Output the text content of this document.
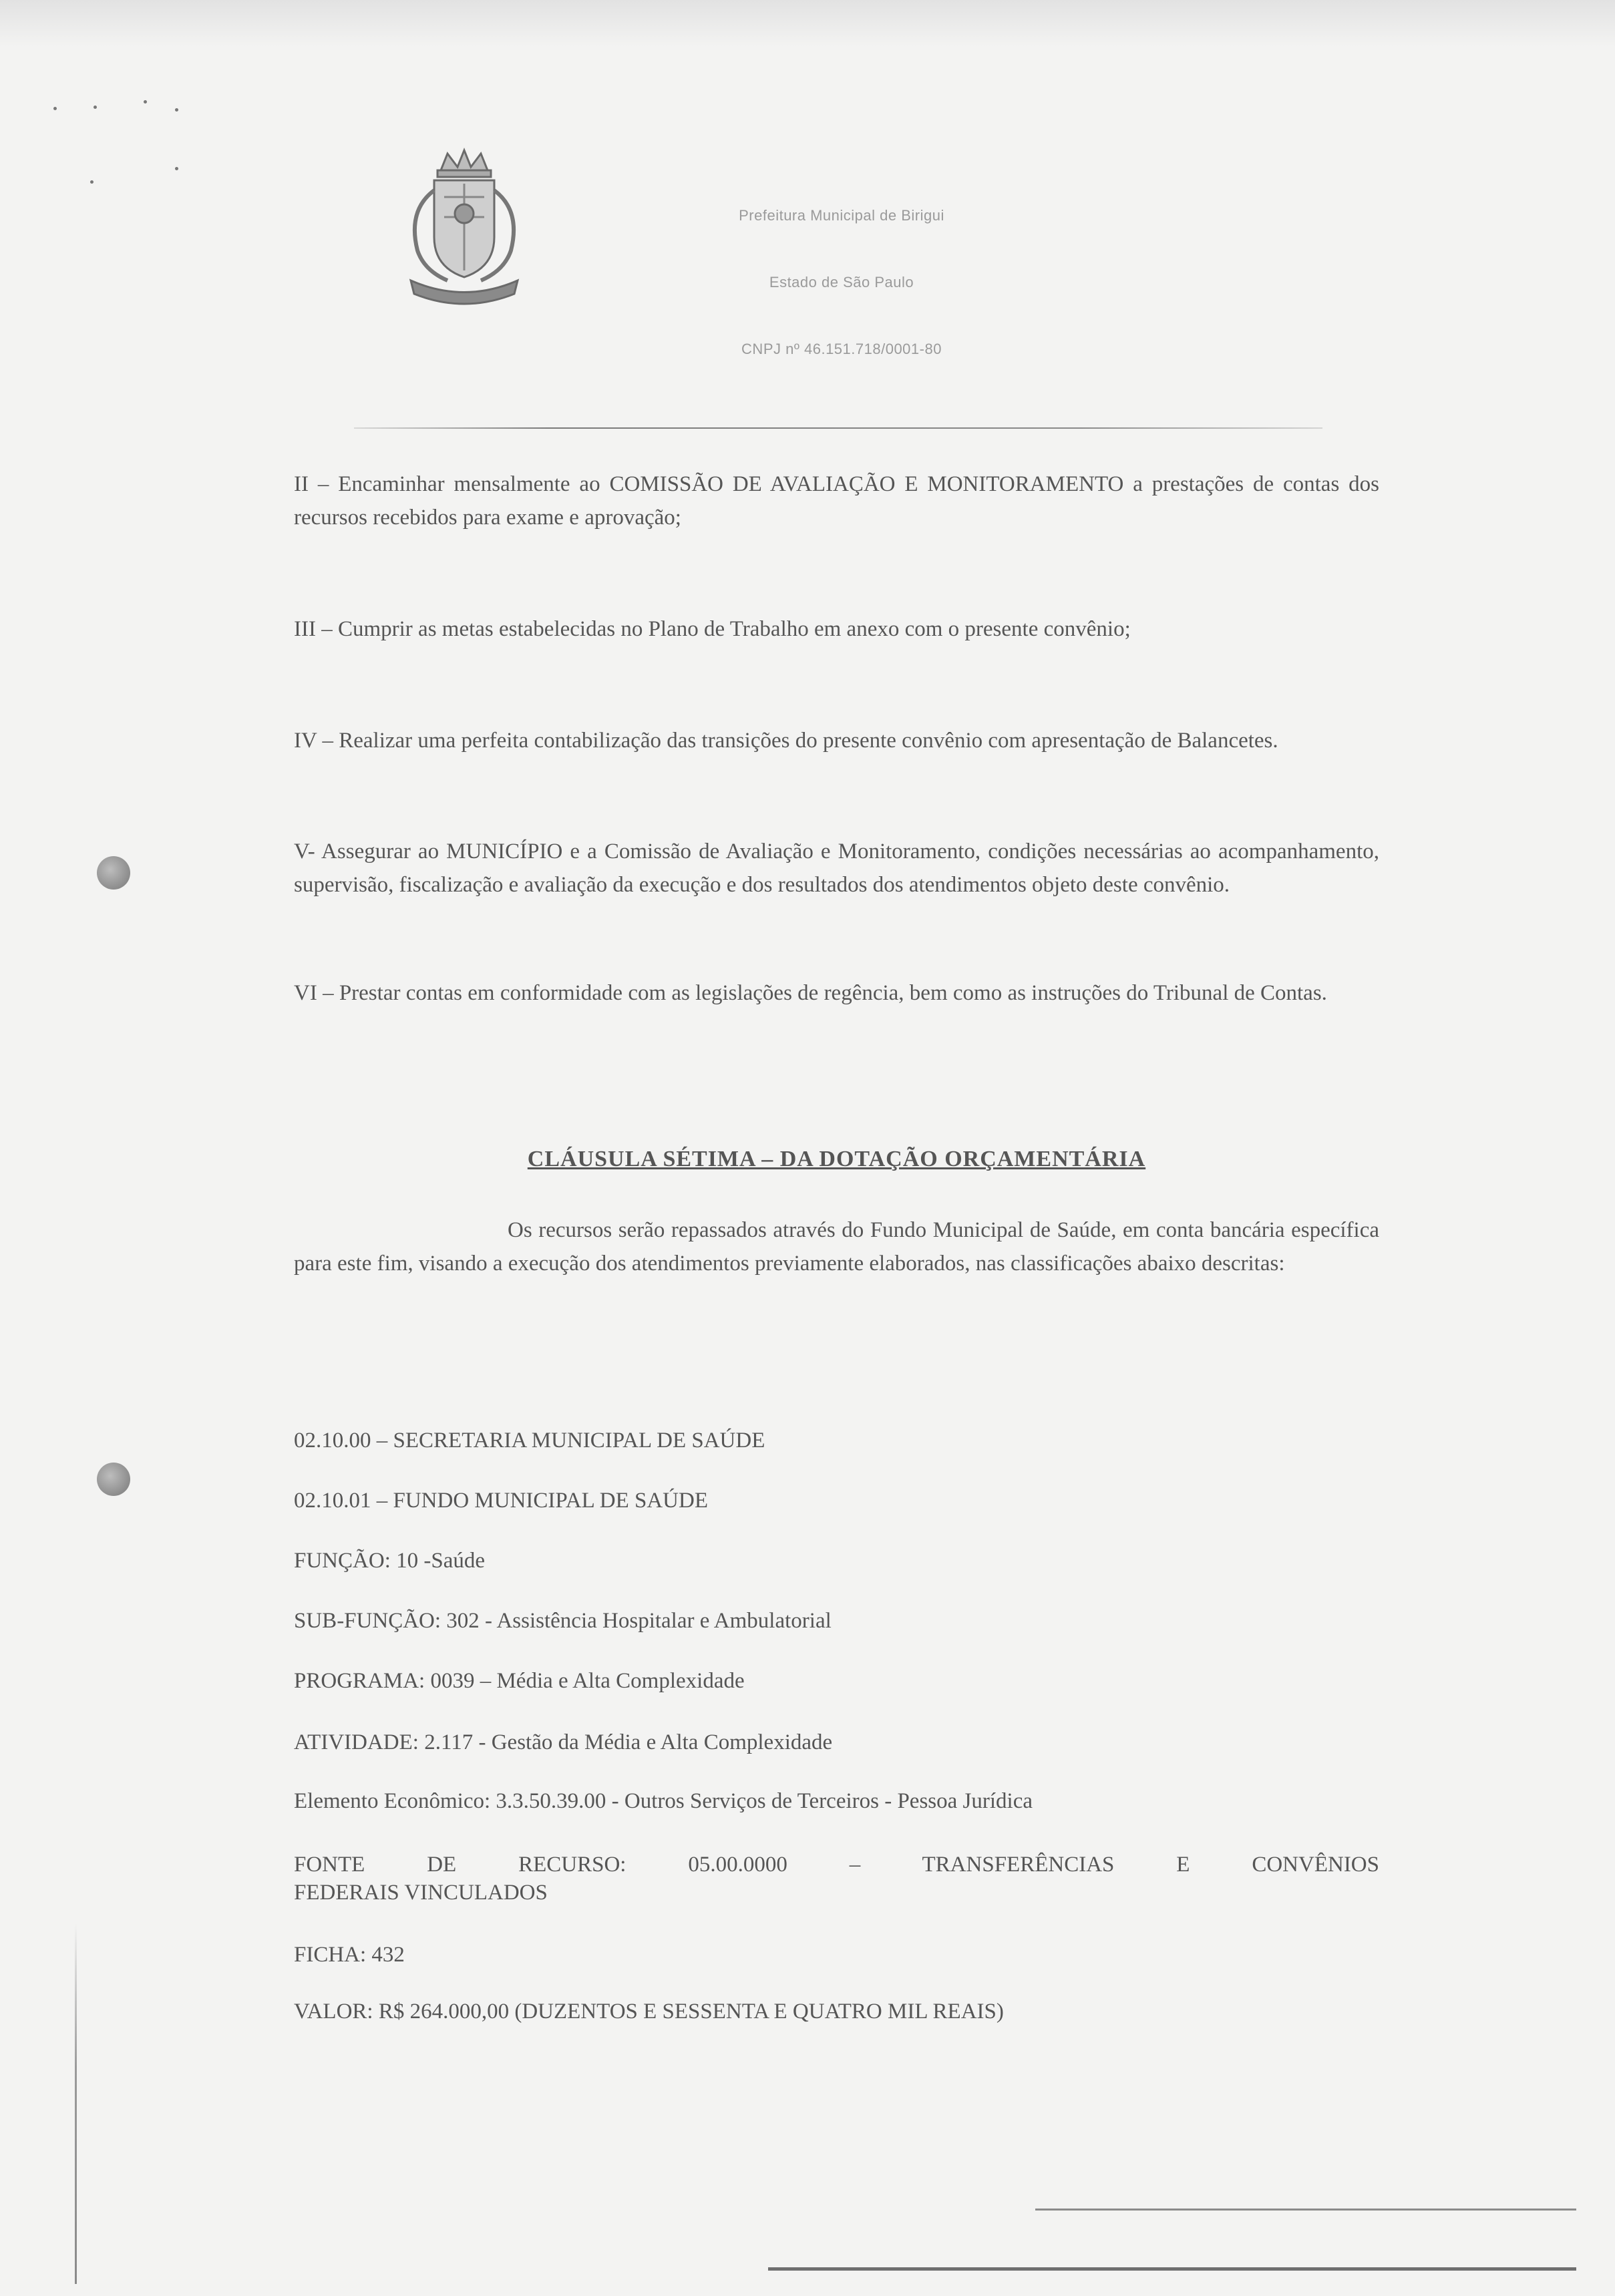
Prefeitura Municipal de Birigui
Estado de São Paulo
CNPJ nº 46.151.718/0001-80

II – Encaminhar mensalmente ao COMISSÃO DE AVALIAÇÃO E MONITORAMENTO a prestações de contas dos recursos recebidos para exame e aprovação;

III – Cumprir as metas estabelecidas no Plano de Trabalho em anexo com o presente convênio;

IV – Realizar uma perfeita contabilização das transições do presente convênio com apresentação de Balancetes.

V- Assegurar ao MUNICÍPIO e a Comissão de Avaliação e Monitoramento, condições necessárias ao acompanhamento, supervisão, fiscalização e avaliação da execução e dos resultados dos atendimentos objeto deste convênio.

VI – Prestar contas em conformidade com as legislações de regência, bem como as instruções do Tribunal de Contas.

CLÁUSULA SÉTIMA – DA DOTAÇÃO ORÇAMENTÁRIA

Os recursos serão repassados através do Fundo Municipal de Saúde, em conta bancária específica para este fim, visando a execução dos atendimentos previamente elaborados, nas classificações abaixo descritas:

02.10.00 – SECRETARIA MUNICIPAL DE SAÚDE
02.10.01 – FUNDO MUNICIPAL DE SAÚDE
FUNÇÃO: 10 -Saúde
SUB-FUNÇÃO: 302 - Assistência Hospitalar e Ambulatorial
PROGRAMA: 0039 – Média e Alta Complexidade
ATIVIDADE: 2.117 - Gestão da Média e Alta Complexidade
Elemento Econômico: 3.3.50.39.00 - Outros Serviços de Terceiros - Pessoa Jurídica
FONTE DE RECURSO: 05.00.0000 – TRANSFERÊNCIAS E CONVÊNIOS
FEDERAIS VINCULADOS
FICHA: 432
VALOR: R$ 264.000,00 (DUZENTOS E SESSENTA E QUATRO MIL REAIS)
